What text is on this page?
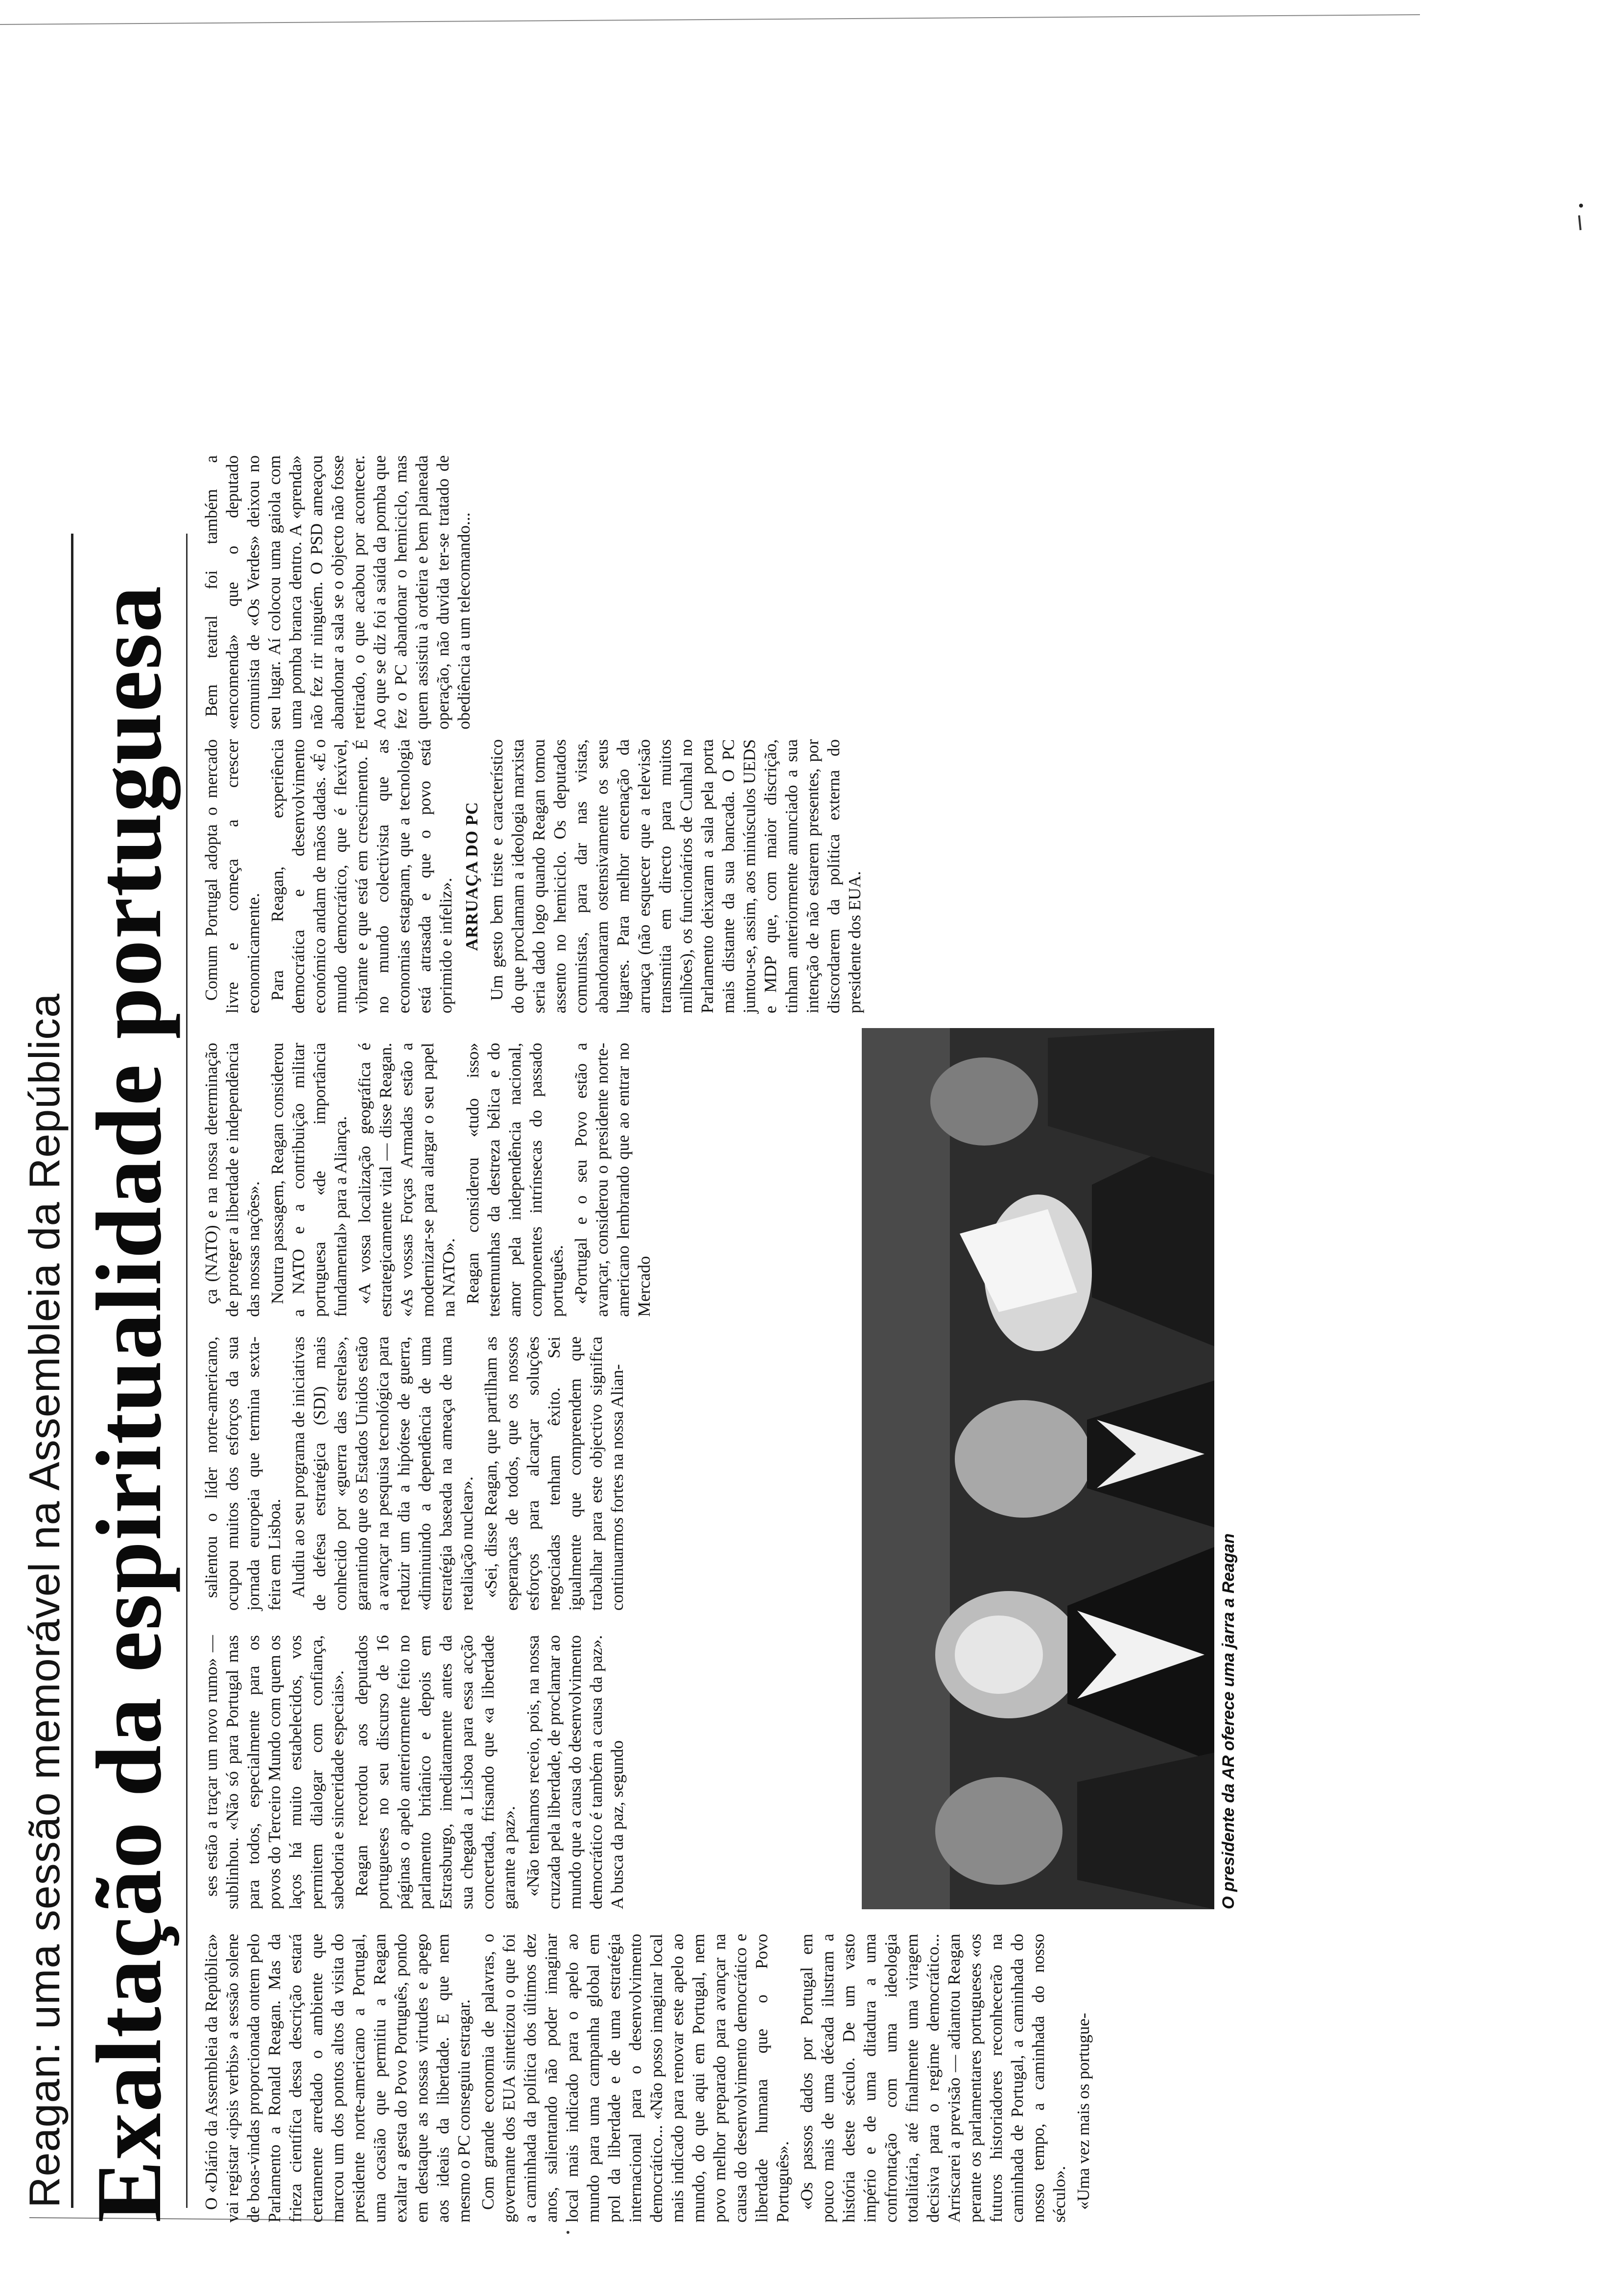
Reagan: uma sessão memorável na Assembleia da República Exaltação da espiritualidade portuguesa O «Diário da Assembleia da República» vai registar «ipsis verbis» a sessão solene de boas-vindas proporcionada ontem pelo Parlamento a Ronald Reagan. Mas da frieza científica dessa descrição estará certamente arredado o ambiente que marcou um dos pontos altos da visita do presidente norte-americano a Portugal, uma ocasião que permitiu a Reagan exaltar a gesta do Povo Português, pondo em destaque as nossas virtudes e apego aos ideais da liberdade. E que nem mesmo o PC conseguiu estragar. Com grande economia de palavras, o governante dos EUA sintetizou o que foi a caminhada da política dos últimos dez anos, salientando não poder imaginar local mais indicado para o apelo ao mundo para uma campanha global em prol da liberdade e de uma estratégia internacional para o desenvolvimento democrático... «Não posso imaginar local mais indicado para renovar este apelo ao mundo, do que aqui em Portugal, nem povo melhor preparado para avançar na causa do desenvolvimento democrático e liberdade humana que o Povo Português». «Os passos dados por Portugal em pouco mais de uma década ilustram a história deste século. De um vasto império e de uma ditadura a uma confrontação com uma ideologia totalitária, até finalmente uma viragem decisiva para o regime democrático... Arriscarei a previsão — adiantou Reagan perante os parlamentares portugueses «os futuros historiadores reconhecerão na caminhada de Portugal, a caminhada do nosso tempo, a caminhada do nosso século». «Uma vez mais os portugue-

ses estão a traçar um novo rumo» — sublinhou. «Não só para Portugal mas para todos, especialmente para os povos do Terceiro Mundo com quem os laços há muito estabelecidos, vos permitem dialogar com confiança, sabedoria e sinceridade especiais». Reagan recordou aos deputados portugueses no seu discurso de 16 páginas o apelo anteriormente feito no parlamento britânico e depois em Estrasburgo, imediatamente antes da sua chegada a Lisboa para essa acção concertada, frisando que «a liberdade garante a paz». «Não tenhamos receio, pois, na nossa cruzada pela liberdade, de proclamar ao mundo que a causa do desenvolvimento democrático é também a causa da paz». A busca da paz, segundo

salientou o líder norte-americano, ocupou muitos dos esforços da sua jornada europeia que termina sexta-feira em Lisboa. Aludiu ao seu programa de iniciativas de defesa estratégica (SDI) mais conhecido por «guerra das estrelas», garantindo que os Estados Unidos estão a avançar na pesquisa tecnológica para reduzir um dia a hipótese de guerra, «diminuindo a dependência de uma estratégia baseada na ameaça de uma retaliação nuclear». «Sei, disse Reagan, que partilham as esperanças de todos, que os nossos esforços para alcançar soluções negociadas tenham êxito. Sei igualmente que compreendem que trabalhar para este objectivo significa continuarmos fortes na nossa Alian-

ça (NATO) e na nossa determinação de proteger a liberdade e independência das nossas nações». Noutra passagem, Reagan considerou a NATO e a contribuição militar portuguesa «de importância fundamental» para a Aliança. «A vossa localização geográfica é estrategicamente vital — disse Reagan. «As vossas Forças Armadas estão a modernizar-se para alargar o seu papel na NATO». Reagan considerou «tudo isso» testemunhas da destreza bélica e do amor pela independência nacional, componentes intrínsecas do passado português. «Portugal e o seu Povo estão a avançar, considerou o presidente norte-americano lembrando que ao entrar no Mercado

Comum Portugal adopta o mercado livre e começa a crescer economicamente. Para Reagan, experiência democrática e desenvolvimento económico andam de mãos dadas. «É o mundo democrático, que é flexível, vibrante e que está em crescimento. É no mundo colectivista que as economias estagnam, que a tecnologia está atrasada e que o povo está oprimido e infeliz». ARRUAÇA DO PC Um gesto bem triste e característico do que proclamam a ideologia marxista seria dado logo quando Reagan tomou assento no hemiciclo. Os deputados comunistas, para dar nas vistas, abandonaram ostensivamente os seus lugares. Para melhor encenação da arruaça (não esquecer que a televisão transmitia em directo para muitos milhões), os funcionários de Cunhal no Parlamento deixaram a sala pela porta mais distante da sua bancada. O PC juntou-se, assim, aos minúsculos UEDS e MDP que, com maior discrição, tinham anteriormente anunciado a sua intenção de não estarem presentes, por discordarem da política externa do presidente dos EUA.

Bem teatral foi também a «encomenda» que o deputado comunista de «Os Verdes» deixou no seu lugar. Aí colocou uma gaiola com uma pomba branca dentro. A «prenda» não fez rir ninguém. O PSD ameaçou abandonar a sala se o objecto não fosse retirado, o que acabou por acontecer. Ao que se diz foi a saída da pomba que fez o PC abandonar o hemiciclo, mas quem assistiu à ordeira e bem planeada operação, não duvida ter-se tratado de obediência a um telecomando...

O presidente da AR oferece uma jarra a Reagan
